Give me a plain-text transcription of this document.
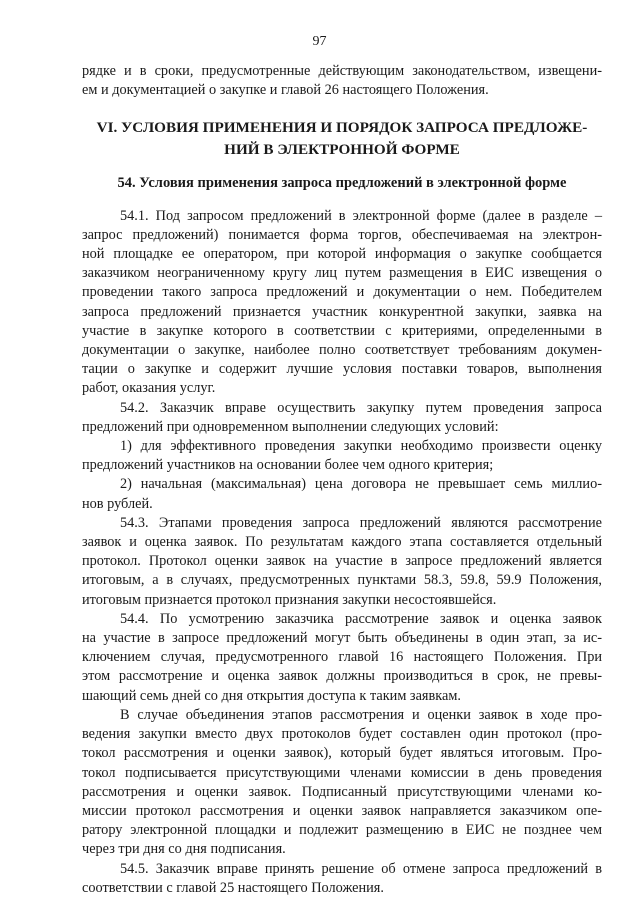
97
рядке и в сроки, предусмотренные действующим законодательством, извещени-
ем и документацией о закупке и главой 26 настоящего Положения.
VI. УСЛОВИЯ ПРИМЕНЕНИЯ И ПОРЯДОК ЗАПРОСА ПРЕДЛОЖЕ-
НИЙ В ЭЛЕКТРОННОЙ ФОРМЕ
54. Условия применения запроса предложений в электронной форме
54.1. Под запросом предложений в электронной форме (далее в разделе –
запрос предложений) понимается форма торгов, обеспечиваемая на электрон-
ной площадке ее оператором, при которой информация о закупке сообщается
заказчиком неограниченному кругу лиц путем размещения в ЕИС извещения о
проведении такого запроса предложений и документации о нем. Победителем
запроса предложений признается участник конкурентной закупки, заявка на
участие в закупке которого в соответствии с критериями, определенными в
документации о закупке, наиболее полно соответствует требованиям докумен-
тации о закупке и содержит лучшие условия поставки товаров, выполнения
работ, оказания услуг.
54.2. Заказчик вправе осуществить закупку путем проведения запроса
предложений при одновременном выполнении следующих условий:
1) для эффективного проведения закупки необходимо произвести оценку
предложений участников на основании более чем одного критерия;
2) начальная (максимальная) цена договора не превышает семь миллио-
нов рублей.
54.3. Этапами проведения запроса предложений являются рассмотрение
заявок и оценка заявок. По результатам каждого этапа составляется отдельный
протокол. Протокол оценки заявок на участие в запросе предложений является
итоговым, а в случаях, предусмотренных пунктами 58.3, 59.8, 59.9 Положения,
итоговым признается протокол признания закупки несостоявшейся.
54.4. По усмотрению заказчика рассмотрение заявок и оценка заявок
на участие в запросе предложений могут быть объединены в один этап, за ис-
ключением случая, предусмотренного главой 16 настоящего Положения. При
этом рассмотрение и оценка заявок должны производиться в срок, не превы-
шающий семь дней со дня открытия доступа к таким заявкам.
В случае объединения этапов рассмотрения и оценки заявок в ходе про-
ведения закупки вместо двух протоколов будет составлен один протокол (про-
токол рассмотрения и оценки заявок), который будет являться итоговым. Про-
токол подписывается присутствующими членами комиссии в день проведения
рассмотрения и оценки заявок. Подписанный присутствующими членами ко-
миссии протокол рассмотрения и оценки заявок направляется заказчиком опе-
ратору электронной площадки и подлежит размещению в ЕИС не позднее чем
через три дня со дня подписания.
54.5. Заказчик вправе принять решение об отмене запроса предложений в
соответствии с главой 25 настоящего Положения.
